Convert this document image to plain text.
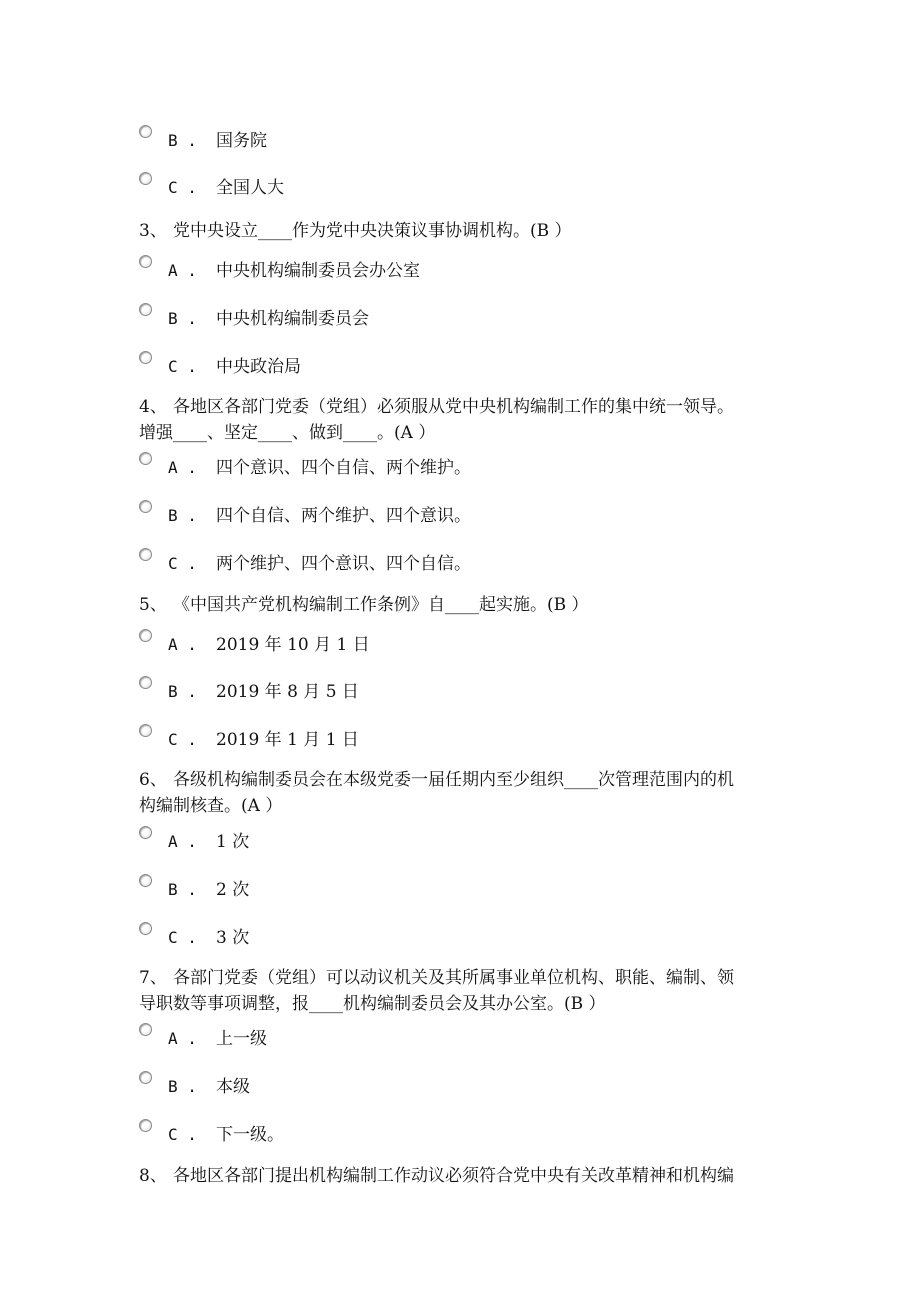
B . 国务院
C . 全国人大
3、 党中央设立____作为党中央决策议事协调机构。(B ）
A . 中央机构编制委员会办公室
B . 中央机构编制委员会
C . 中央政治局
4、 各地区各部门党委（党组）必须服从党中央机构编制工作的集中统一领导。
增强____、坚定____、做到____。(A ）
A . 四个意识、四个自信、两个维护。
B . 四个自信、两个维护、四个意识。
C . 两个维护、四个意识、四个自信。
5、 《中国共产党机构编制工作条例》自____起实施。(B ）
A . 2019 年 10 月 1 日
B . 2019 年 8 月 5 日
C . 2019 年 1 月 1 日
6、 各级机构编制委员会在本级党委一届任期内至少组织____次管理范围内的机
构编制核查。(A ）
A . 1 次
B . 2 次
C . 3 次
7、 各部门党委（党组）可以动议机关及其所属事业单位机构、职能、编制、领
导职数等事项调整，报____机构编制委员会及其办公室。(B ）
A . 上一级
B . 本级
C . 下一级。
8、 各地区各部门提出机构编制工作动议必须符合党中央有关改革精神和机构编
